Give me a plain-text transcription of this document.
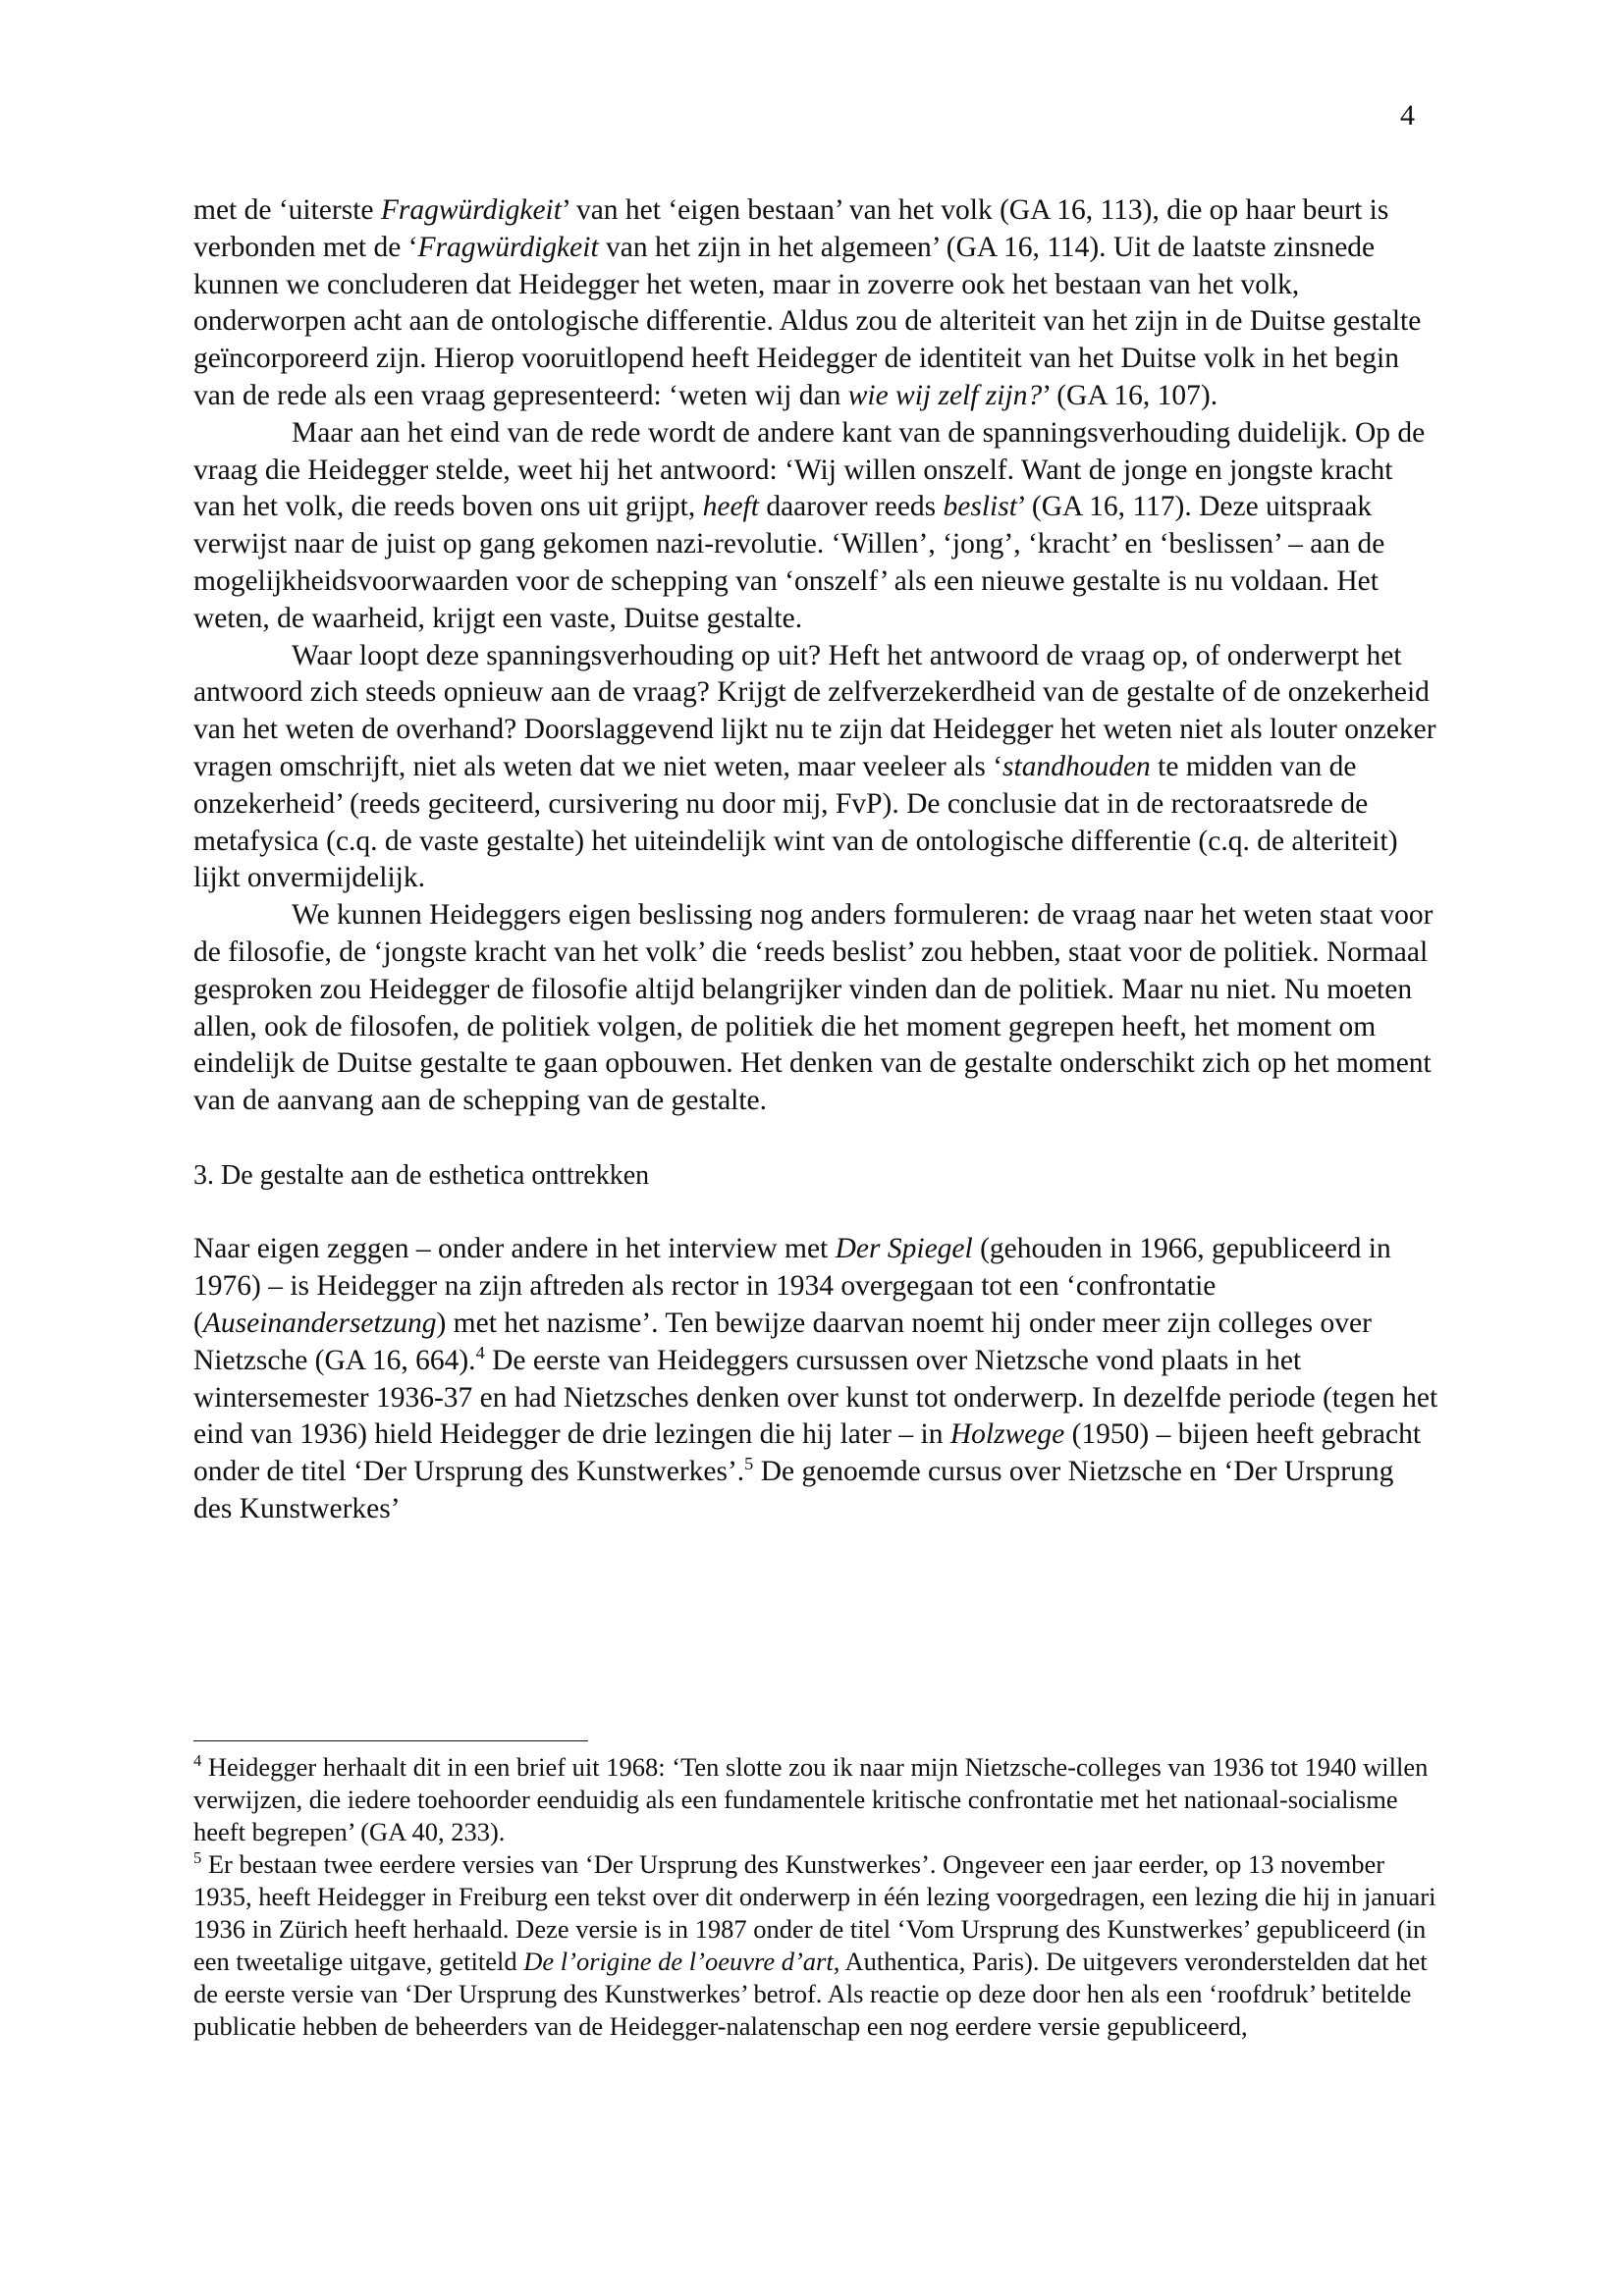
4

met de ‘uiterste Fragwürdigkeit’ van het ‘eigen bestaan’ van het volk (GA 16, 113), die op haar beurt is verbonden met de ‘Fragwürdigkeit van het zijn in het algemeen’ (GA 16, 114). Uit de laatste zinsnede kunnen we concluderen dat Heidegger het weten, maar in zoverre ook het bestaan van het volk, onderworpen acht aan de ontologische differentie. Aldus zou de alteriteit van het zijn in de Duitse gestalte geïncorporeerd zijn. Hierop vooruitlopend heeft Heidegger de identiteit van het Duitse volk in het begin van de rede als een vraag gepresenteerd: ‘weten wij dan wie wij zelf zijn?’ (GA 16, 107).

Maar aan het eind van de rede wordt de andere kant van de spanningsverhouding duidelijk. Op de vraag die Heidegger stelde, weet hij het antwoord: ‘Wij willen onszelf. Want de jonge en jongste kracht van het volk, die reeds boven ons uit grijpt, heeft daarover reeds beslist’ (GA 16, 117). Deze uitspraak verwijst naar de juist op gang gekomen nazi-revolutie. ‘Willen’, ‘jong’, ‘kracht’ en ‘beslissen’ – aan de mogelijkheidsvoorwaarden voor de schepping van ‘onszelf’ als een nieuwe gestalte is nu voldaan. Het weten, de waarheid, krijgt een vaste, Duitse gestalte.

Waar loopt deze spanningsverhouding op uit? Heft het antwoord de vraag op, of onderwerpt het antwoord zich steeds opnieuw aan de vraag? Krijgt de zelfverzekerdheid van de gestalte of de onzekerheid van het weten de overhand? Doorslaggevend lijkt nu te zijn dat Heidegger het weten niet als louter onzeker vragen omschrijft, niet als weten dat we niet weten, maar veeleer als ‘standhouden te midden van de onzekerheid’ (reeds geciteerd, cursivering nu door mij, FvP). De conclusie dat in de rectoraatsrede de metafysica (c.q. de vaste gestalte) het uiteindelijk wint van de ontologische differentie (c.q. de alteriteit) lijkt onvermijdelijk.

We kunnen Heideggers eigen beslissing nog anders formuleren: de vraag naar het weten staat voor de filosofie, de ‘jongste kracht van het volk’ die ‘reeds beslist’ zou hebben, staat voor de politiek. Normaal gesproken zou Heidegger de filosofie altijd belangrijker vinden dan de politiek. Maar nu niet. Nu moeten allen, ook de filosofen, de politiek volgen, de politiek die het moment gegrepen heeft, het moment om eindelijk de Duitse gestalte te gaan opbouwen. Het denken van de gestalte onderschikt zich op het moment van de aanvang aan de schepping van de gestalte.

3. De gestalte aan de esthetica onttrekken

Naar eigen zeggen – onder andere in het interview met Der Spiegel (gehouden in 1966, gepubliceerd in 1976) – is Heidegger na zijn aftreden als rector in 1934 overgegaan tot een ‘confrontatie (Auseinandersetzung) met het nazisme’. Ten bewijze daarvan noemt hij onder meer zijn colleges over Nietzsche (GA 16, 664).$^4$ De eerste van Heideggers cursussen over Nietzsche vond plaats in het wintersemester 1936-37 en had Nietzsches denken over kunst tot onderwerp. In dezelfde periode (tegen het eind van 1936) hield Heidegger de drie lezingen die hij later – in Holzwege (1950) – bijeen heeft gebracht onder de titel ‘Der Ursprung des Kunstwerkes’.$^5$ De genoemde cursus over Nietzsche en ‘Der Ursprung des Kunstwerkes’

$^4$ Heidegger herhaalt dit in een brief uit 1968: ‘Ten slotte zou ik naar mijn Nietzsche-colleges van 1936 tot 1940 willen verwijzen, die iedere toehoorder eenduidig als een fundamentele kritische confrontatie met het nationaal-socialisme heeft begrepen’ (GA 40, 233).

$^5$ Er bestaan twee eerdere versies van ‘Der Ursprung des Kunstwerkes’. Ongeveer een jaar eerder, op 13 november 1935, heeft Heidegger in Freiburg een tekst over dit onderwerp in één lezing voorgedragen, een lezing die hij in januari 1936 in Zürich heeft herhaald. Deze versie is in 1987 onder de titel ‘Vom Ursprung des Kunstwerkes’ gepubliceerd (in een tweetalige uitgave, getiteld De l’origine de l’oeuvre d’art, Authentica, Paris). De uitgevers veronderstelden dat het de eerste versie van ‘Der Ursprung des Kunstwerkes’ betrof. Als reactie op deze door hen als een ‘roofdruk’ betitelde publicatie hebben de beheerders van de Heidegger-nalatenschap een nog eerdere versie gepubliceerd,
